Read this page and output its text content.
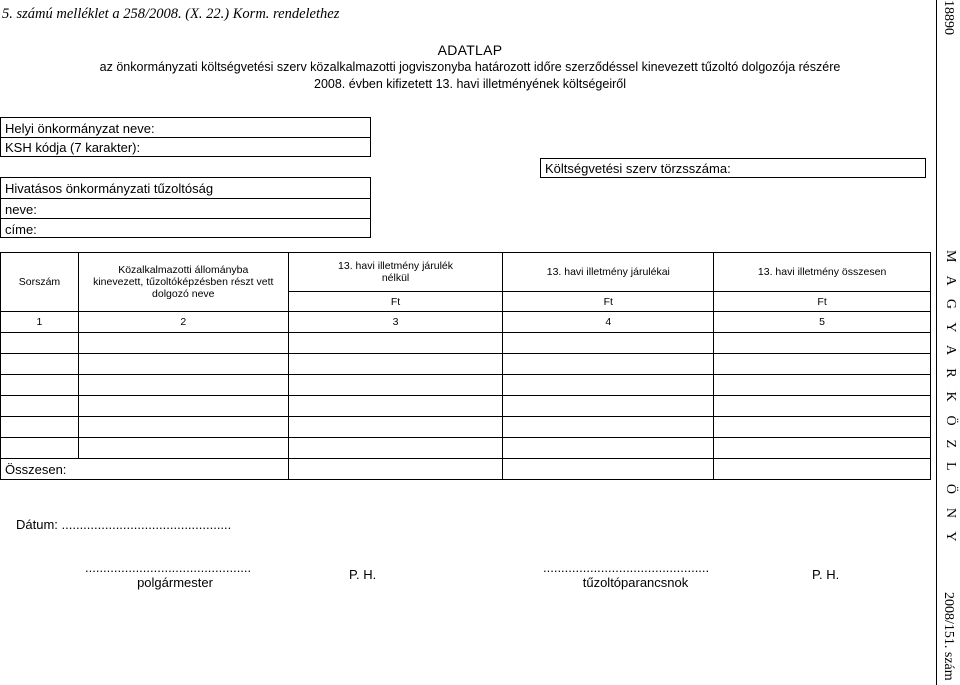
5. számú melléklet a 258/2008. (X. 22.) Korm. rendelethez	18890
M A G Y A R K Ö Z L Ö N Y
2008/151. szám
ADATLAP
az önkormányzati költségvetési szerv közalkalmazotti jogviszonyba határozott időre szerződéssel kinevezett tűzoltó dolgozója részére
2008. évben kifizetett 13. havi illetményének költségeiről
Helyi önkormányzat neve:
KSH kódja (7 karakter):
Hivatásos önkormányzati tűzoltóság
neve:
címe:
Költségvetési szerv törzsszáma:
Sorszám	Közalkalmazotti állományba kinevezett, tűzoltóképzésben részt vett dolgozó neve	13. havi illetmény járulék nélkül	13. havi illetmény járulékai	13. havi illetmény összesen
		Ft	Ft	Ft
1	2	3	4	5

Összesen:				
Dátum: ...............................................
..............................................
polgármester
P. H.	..............................................
tűzoltóparancsnok
P. H.
